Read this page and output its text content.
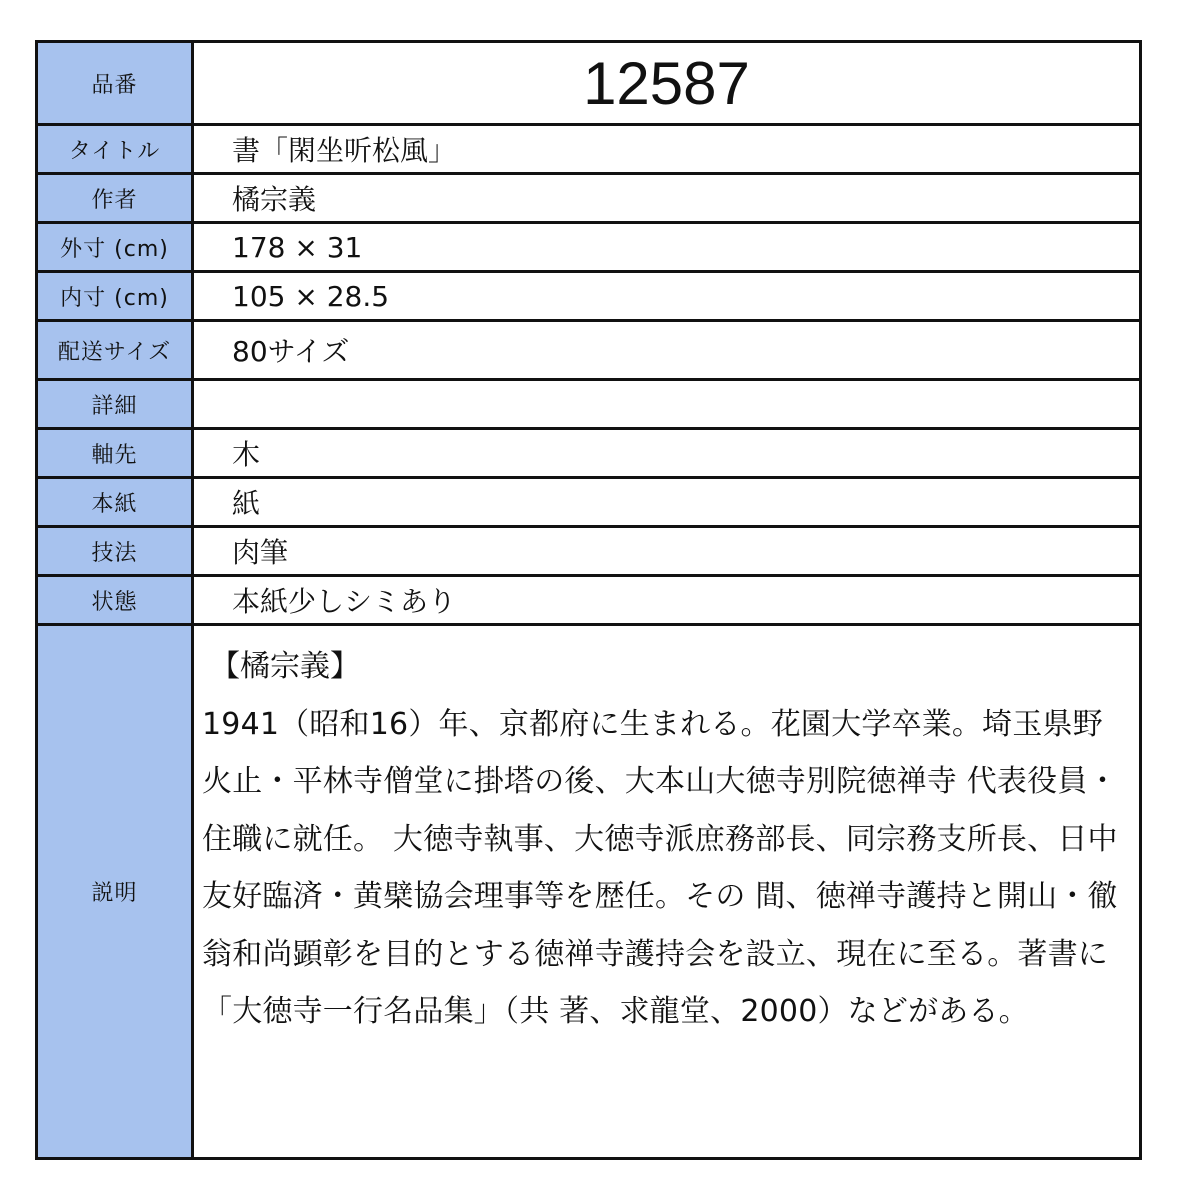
品番	12587
タイトル	書「閑坐听松風」
作者	橘宗義
外寸 (cm)	178 × 31
内寸 (cm)	105 × 28.5
配送サイズ	80サイズ
詳細	
軸先	木
本紙	紙
技法	肉筆
状態	本紙少しシミあり
説明	【橘宗義】
1941（昭和16）年、京都府に生まれる。花園大学卒業。埼玉県野火止・平林寺僧堂に掛塔の後、大本山大徳寺別院徳禅寺 代表役員・住職に就任。 大徳寺執事、大徳寺派庶務部長、同宗務支所長、日中友好臨済・黄檗協会理事等を歴任。その 間、徳禅寺護持と開山・徹翁和尚顕彰を目的とする徳禅寺護持会を設立、現在に至る。著書に「大徳寺一行名品集」（共 著、求龍堂、2000）などがある。
